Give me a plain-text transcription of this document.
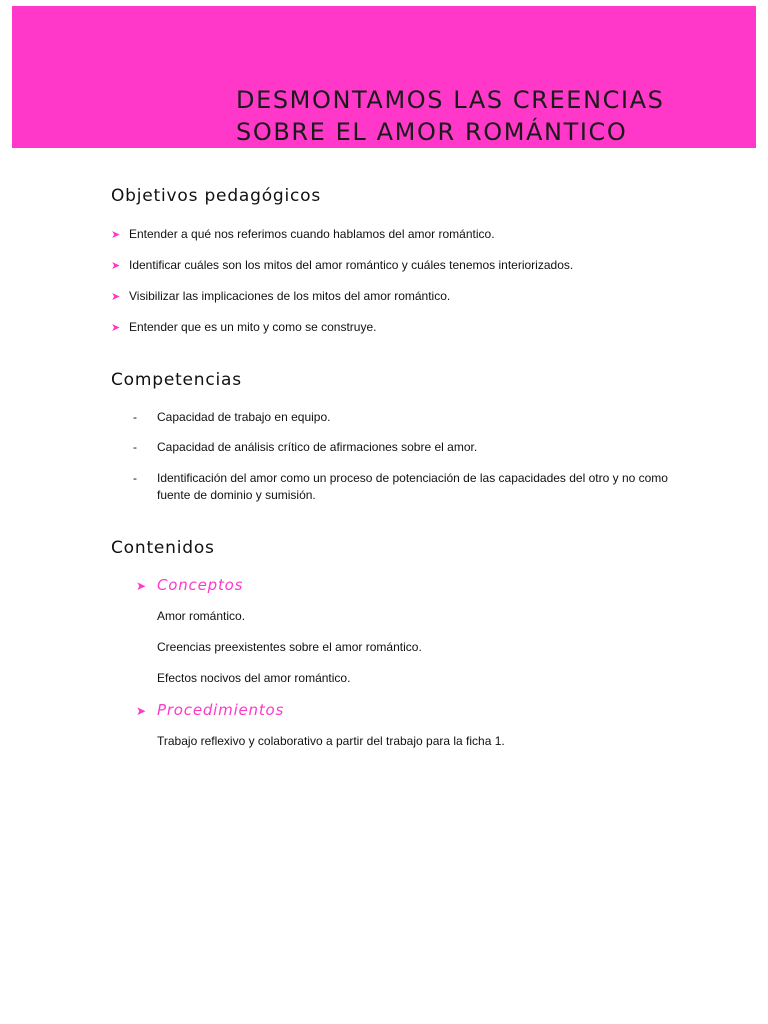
DESMONTAMOS LAS CREENCIAS
SOBRE EL AMOR ROMÁNTICO
Objetivos pedagógicos
➤ Entender a qué nos referimos cuando hablamos del amor romántico.
➤ Identificar cuáles son los mitos del amor romántico y cuáles tenemos interiorizados.
➤ Visibilizar las implicaciones de los mitos del amor romántico.
➤ Entender que es un mito y como se construye.
Competencias
- Capacidad de trabajo en equipo.
- Capacidad de análisis crítico de afirmaciones sobre el amor.
- Identificación del amor como un proceso de potenciación de las capacidades del otro y no como fuente de dominio y sumisión.
Contenidos
➤ Conceptos
Amor romántico.
Creencias preexistentes sobre el amor romántico.
Efectos nocivos del amor romántico.
➤ Procedimientos
Trabajo reflexivo y colaborativo a partir del trabajo para la ficha 1.
